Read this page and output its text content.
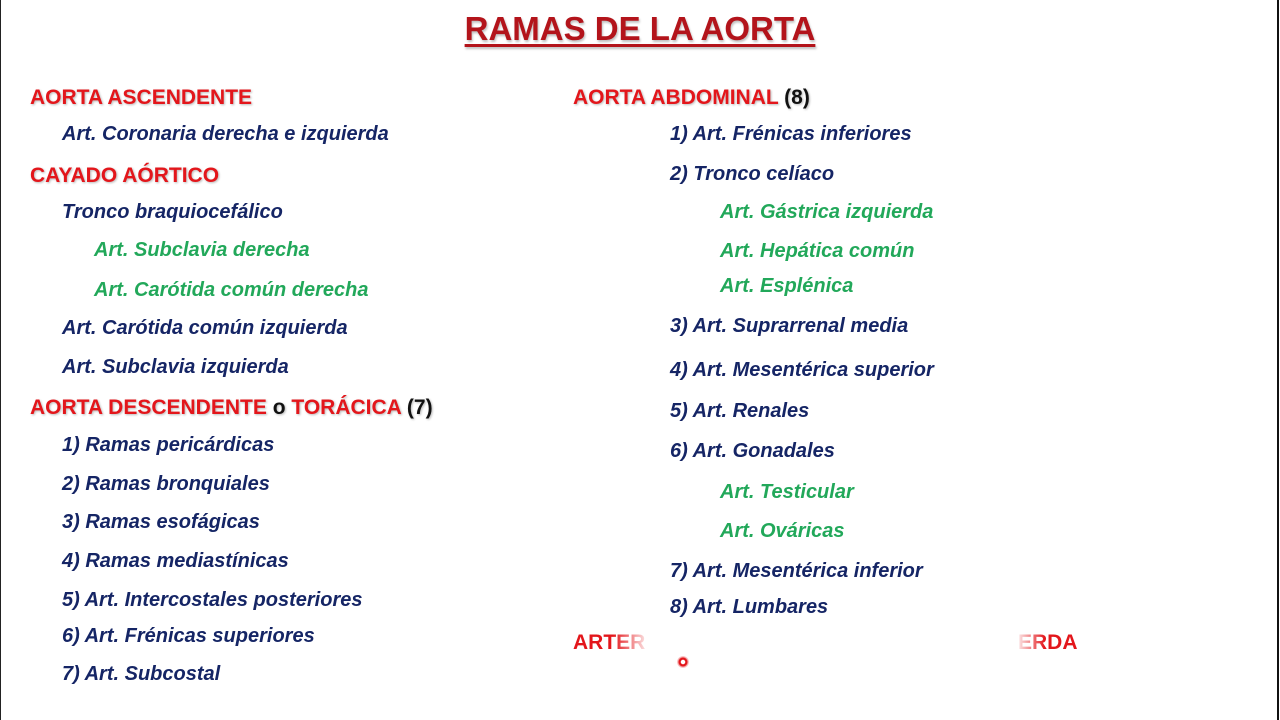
RAMAS DE LA AORTA
AORTA ASCENDENTE
Art. Coronaria derecha e izquierda
CAYADO AÓRTICO
Tronco braquiocefálico
Art. Subclavia derecha
Art. Carótida común derecha
Art. Carótida común izquierda
Art. Subclavia izquierda
AORTA DESCENDENTE o TORÁCICA (7)
1) Ramas pericárdicas
2) Ramas bronquiales
3) Ramas esofágicas
4) Ramas mediastínicas
5) Art. Intercostales posteriores
6) Art. Frénicas superiores
7) Art. Subcostal
AORTA ABDOMINAL (8)
1) Art. Frénicas inferiores
2) Tronco celíaco
Art. Gástrica izquierda
Art. Hepática común
Art. Esplénica
3) Art. Suprarrenal media
4) Art. Mesentérica superior
5) Art. Renales
6) Art. Gonadales
Art. Testicular
Art. Ováricas
7) Art. Mesentérica inferior
8) Art. Lumbares
ARTER	ERDA
